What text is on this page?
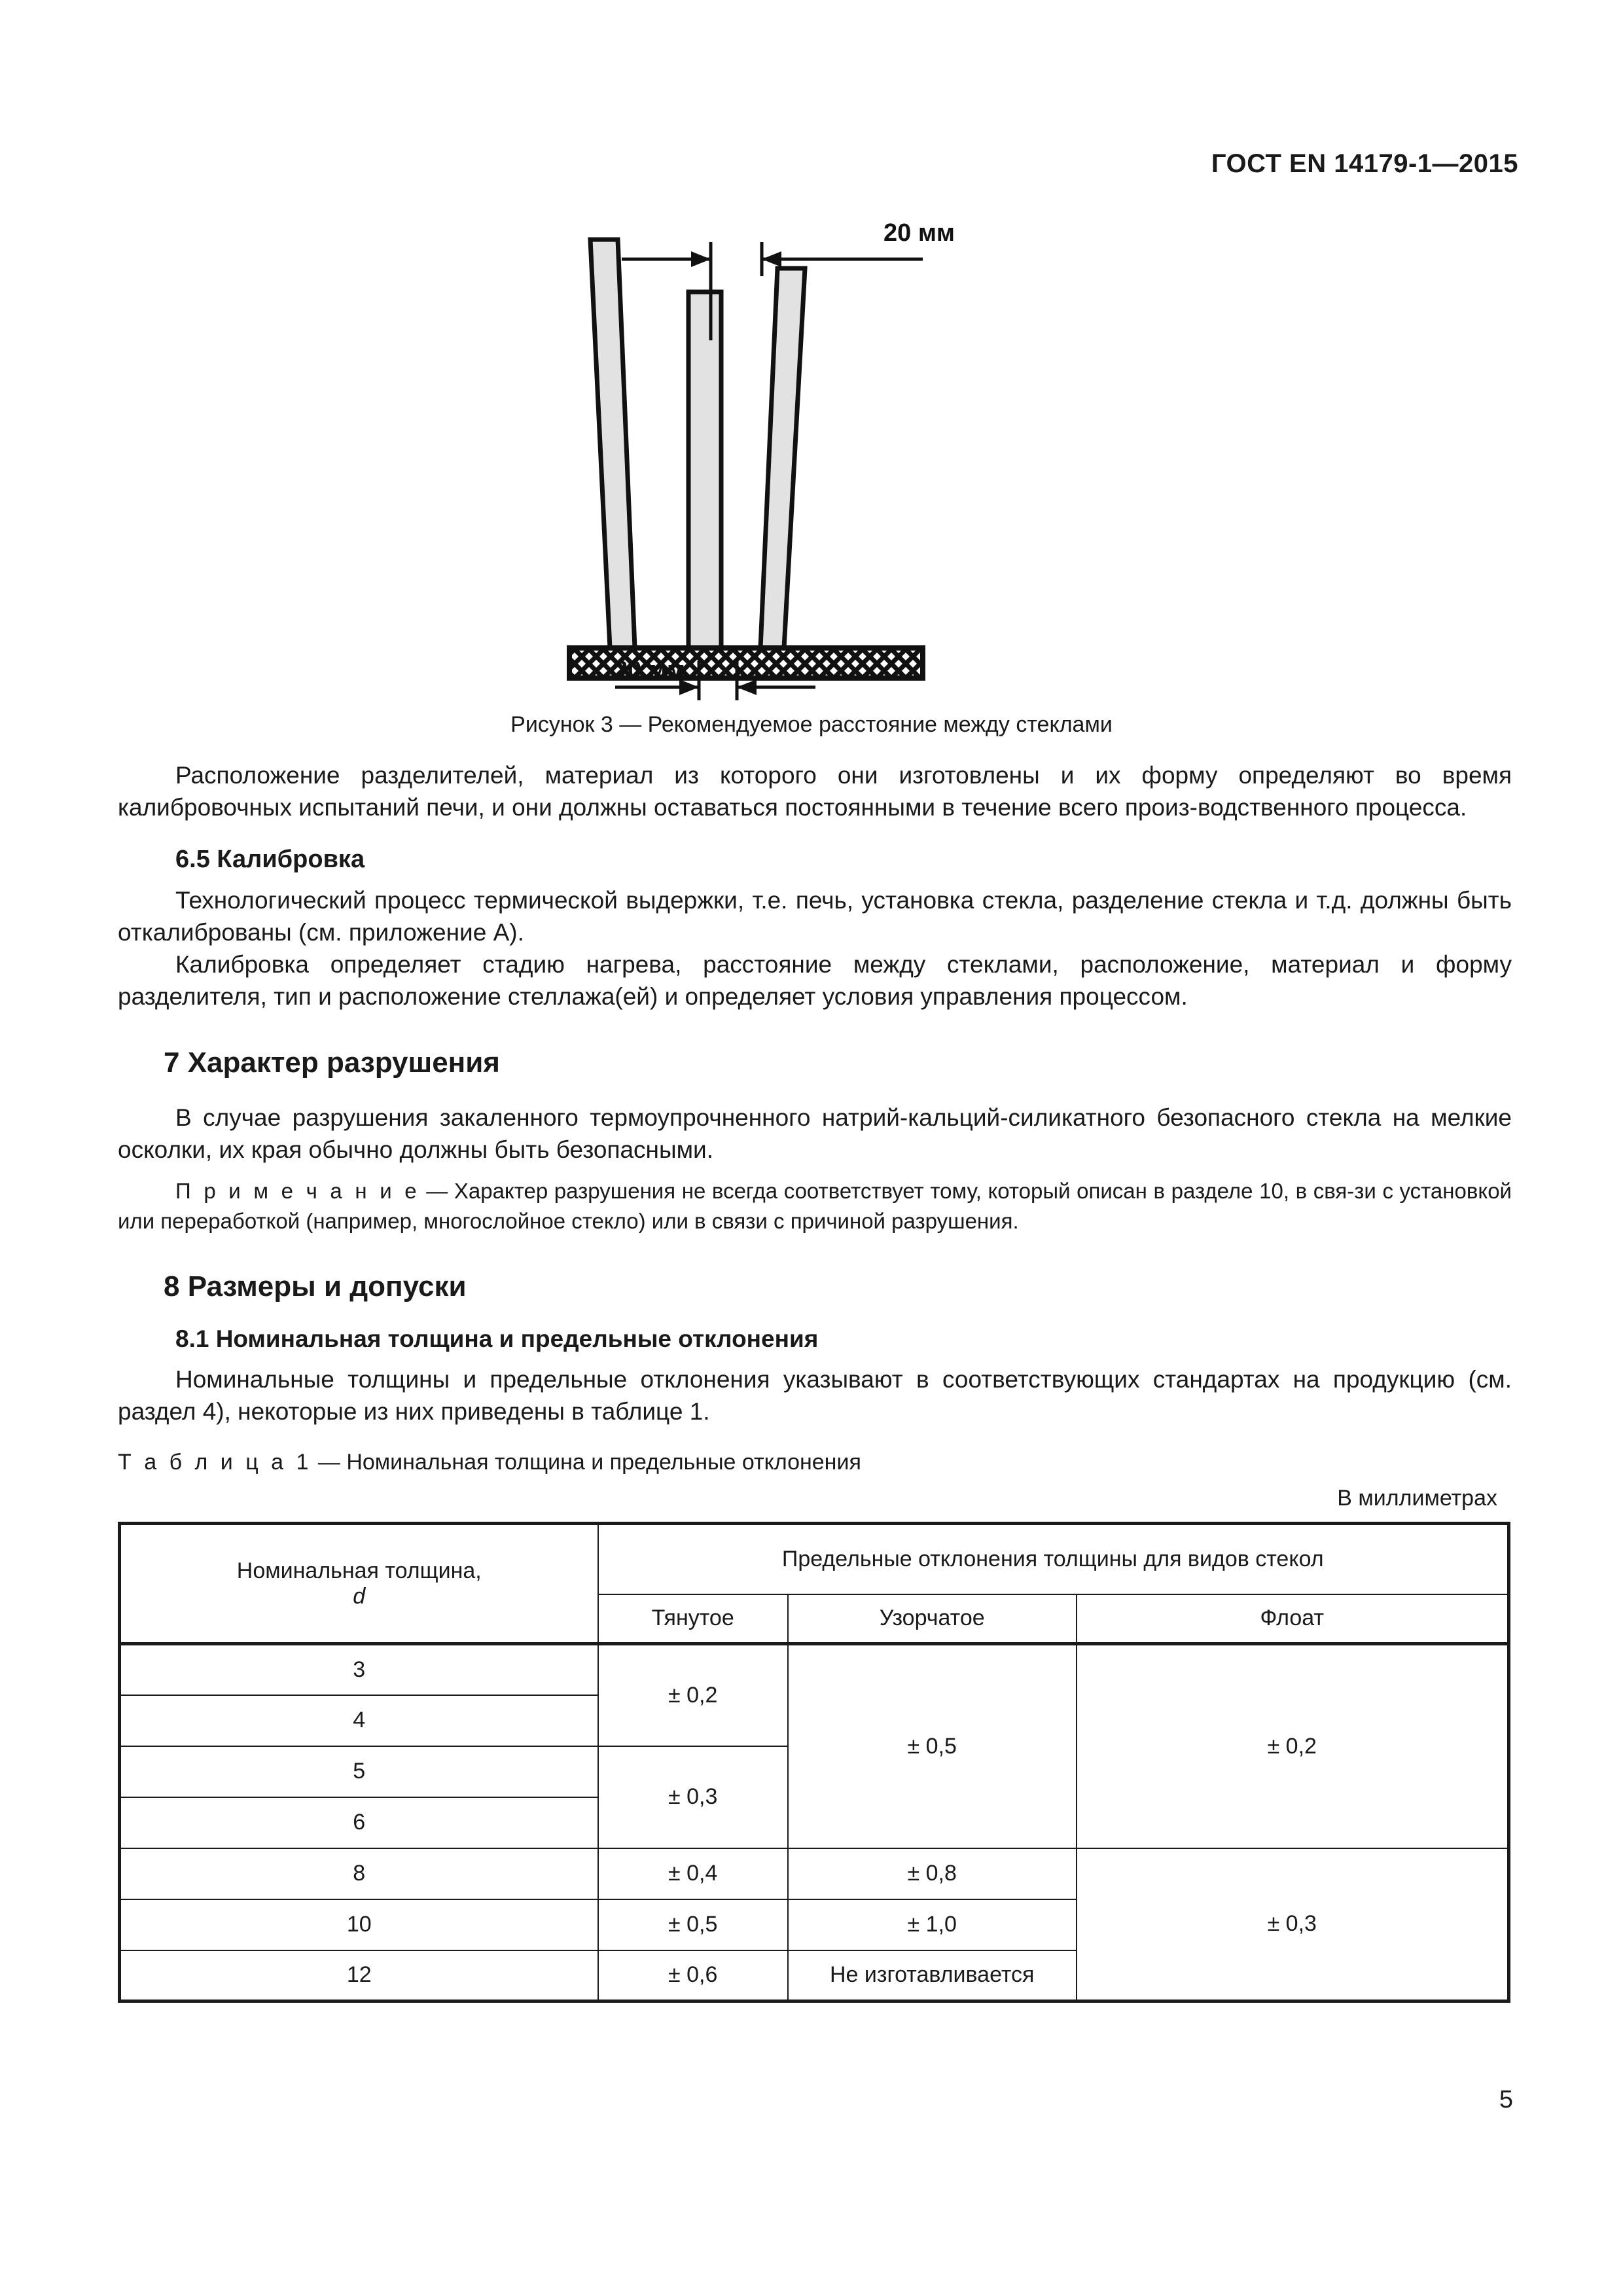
ГОСТ EN 14179-1—2015
20 мм
20 мм
Рисунок 3 — Рекомендуемое расстояние между стеклами

Расположение разделителей, материал из которого они изготовлены и их форму определяют во время калибровочных испытаний печи, и они должны оставаться постоянными в течение всего произ-водственного процесса.

6.5 Калибровка

Технологический процесс термической выдержки, т.е. печь, установка стекла, разделение стекла и т.д. должны быть откалиброваны (см. приложение А).

Калибровка определяет стадию нагрева, расстояние между стеклами, расположение, материал и форму разделителя, тип и расположение стеллажа(ей) и определяет условия управления процессом.

7 Характер разрушения

В случае разрушения закаленного термоупрочненного натрий-кальций-силикатного безопасного стекла на мелкие осколки, их края обычно должны быть безопасными.

П р и м е ч а н и е — Характер разрушения не всегда соответствует тому, который описан в разделе 10, в свя-зи с установкой или переработкой (например, многослойное стекло) или в связи с причиной разрушения.

8 Размеры и допуски
8.1 Номинальная толщина и предельные отклонения

Номинальные толщины и предельные отклонения указывают в соответствующих стандартах на продукцию (см. раздел 4), некоторые из них приведены в таблице 1.

Т а б л и ц а 1 — Номинальная толщина и предельные отклонения

В миллиметрах

Номинальная толщина,
d	Предельные отклонения толщины для видов стекол		
	Тянутое	Узорчатое	Флоат
3	± 0,2	± 0,5	± 0,2
4			
5	± 0,3		
6			
8	± 0,4	± 0,8	± 0,3
10	± 0,5	± 1,0	
12	± 0,6	Не изготавливается	
5
